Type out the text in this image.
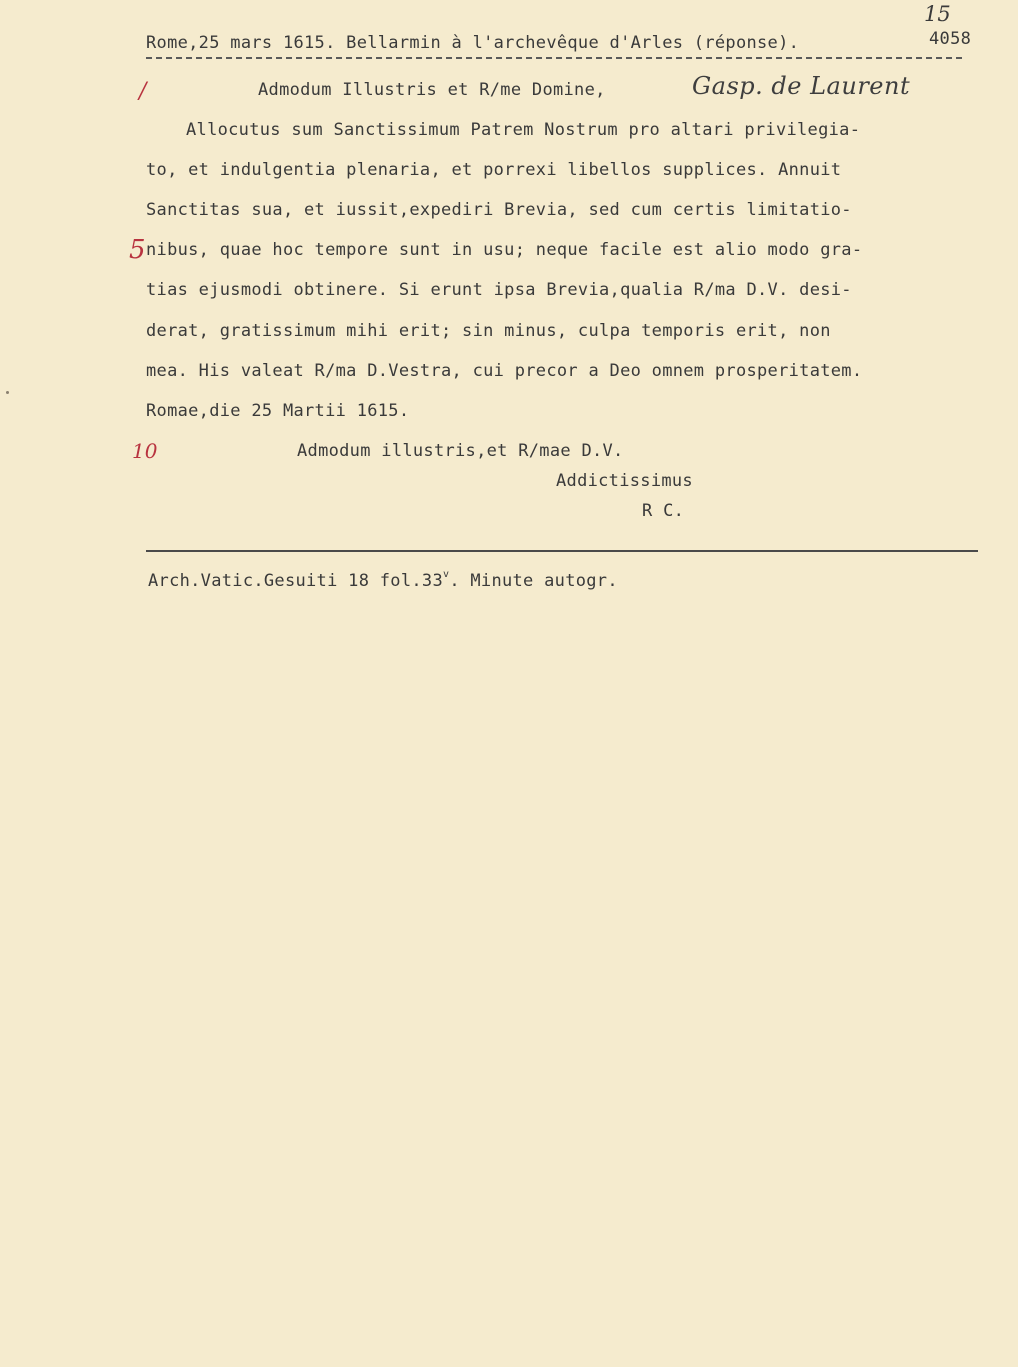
Rome,25 mars 1615. Bellarmin à l'archevêque d'Arles (réponse).	4058
15
/
5
10
Gasp. de Laurent
Admodum Illustris et R/me Domine,
Allocutus sum Sanctissimum Patrem Nostrum pro altari privilegia-
to, et indulgentia plenaria, et porrexi libellos supplices. Annuit
Sanctitas sua, et iussit,expediri Brevia, sed cum certis limitatio-
nibus, quae hoc tempore sunt in usu; neque facile est alio modo gra-
tias ejusmodi obtinere. Si erunt ipsa Brevia,qualia R/ma D.V. desi-
derat, gratissimum mihi erit; sin minus, culpa temporis erit, non
mea. His valeat R/ma D.Vestra, cui precor a Deo omnem prosperitatem.
Romae,die 25 Martii 1615.
Admodum illustris,et R/mae D.V.
Addictissimus
R C.
Arch.Vatic.Gesuiti 18 fol.33$^v$. Minute autogr.
